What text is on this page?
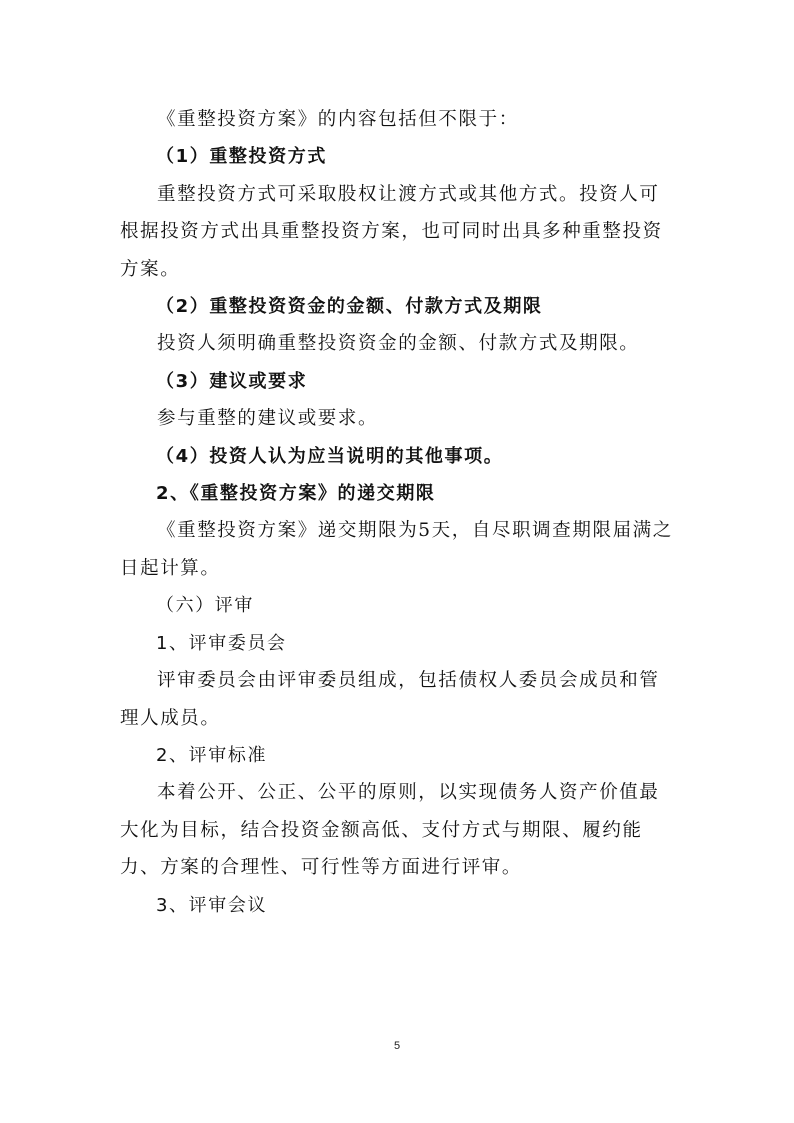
《重整投资方案》的内容包括但不限于：

（1）重整投资方式

重整投资方式可采取股权让渡方式或其他方式。投资人可根据投资方式出具重整投资方案，也可同时出具多种重整投资方案。

（2）重整投资资金的金额、付款方式及期限

投资人须明确重整投资资金的金额、付款方式及期限。

（3）建议或要求

参与重整的建议或要求。

（4）投资人认为应当说明的其他事项。

2、《重整投资方案》的递交期限

《重整投资方案》递交期限为5天，自尽职调查期限届满之日起计算。

（六）评审

1、评审委员会

评审委员会由评审委员组成，包括债权人委员会成员和管理人成员。

2、评审标准

本着公开、公正、公平的原则，以实现债务人资产价值最大化为目标，结合投资金额高低、支付方式与期限、履约能力、方案的合理性、可行性等方面进行评审。

3、评审会议

5
